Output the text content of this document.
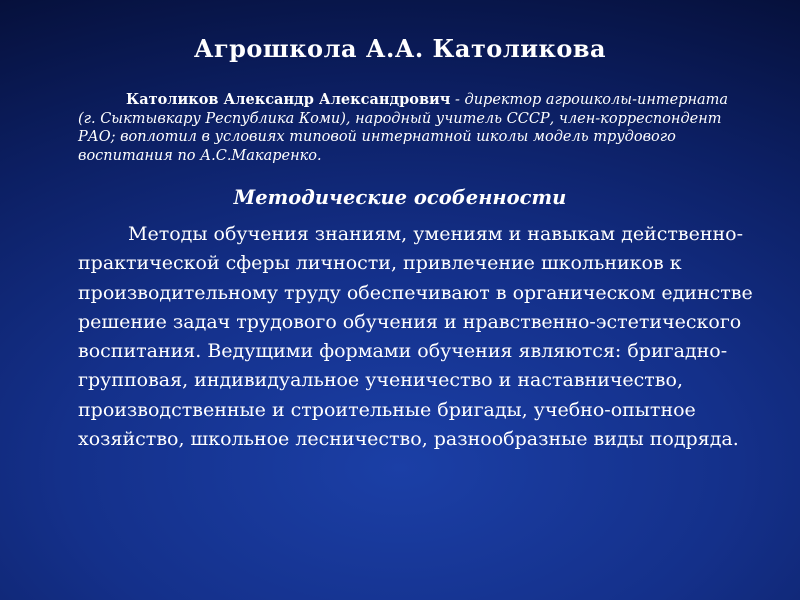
Агрошкола А.А. Католикова

Католиков Александр Александрович - директор агрошколы-интерната (г. Сыктывкару Республика Коми), народный учитель СССР, член-корреспондент РАО; воплотил в условиях типовой интернатной школы модель трудового воспитания по А.С.Макаренко.

Методические особенности

Методы обучения знаниям, умениям и навыкам действенно-практической сферы личности, привлечение школьников к производительному труду обеспечивают в органическом единстве решение задач трудового обучения и нравственно-эстетического воспитания. Ведущими формами обучения являются: бригадно-групповая, индивидуальное ученичество и наставничество, производственные и строительные бригады, учебно-опытное хозяйство, школьное лесничество, разнообразные виды подряда.
